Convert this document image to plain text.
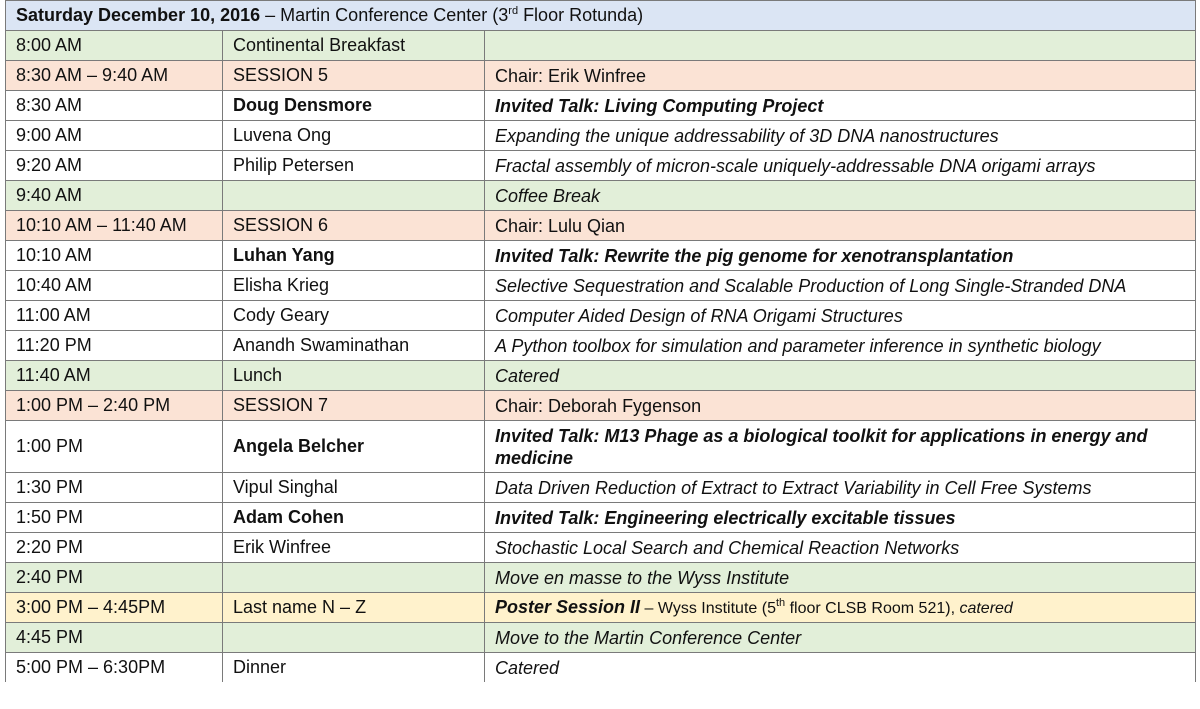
Saturday December 10, 2016 – Martin Conference Center (3rd Floor Rotunda)		
8:00 AM	Continental Breakfast	
8:30 AM – 9:40 AM	SESSION 5	Chair: Erik Winfree
8:30 AM	Doug Densmore	Invited Talk: Living Computing Project
9:00 AM	Luvena Ong	Expanding the unique addressability of 3D DNA nanostructures
9:20 AM	Philip Petersen	Fractal assembly of micron-scale uniquely-addressable DNA origami arrays
9:40 AM		Coffee Break
10:10 AM – 11:40 AM	SESSION 6	Chair: Lulu Qian
10:10 AM	Luhan Yang	Invited Talk: Rewrite the pig genome for xenotransplantation
10:40 AM	Elisha Krieg	Selective Sequestration and Scalable Production of Long Single-Stranded DNA
11:00 AM	Cody Geary	Computer Aided Design of RNA Origami Structures
11:20 PM	Anandh Swaminathan	A Python toolbox for simulation and parameter inference in synthetic biology
11:40 AM	Lunch	Catered
1:00 PM – 2:40 PM	SESSION 7	Chair: Deborah Fygenson
1:00 PM	Angela Belcher	Invited Talk: M13 Phage as a biological toolkit for applications in energy and medicine
1:30 PM	Vipul Singhal	Data Driven Reduction of Extract to Extract Variability in Cell Free Systems
1:50 PM	Adam Cohen	Invited Talk: Engineering electrically excitable tissues
2:20 PM	Erik Winfree	Stochastic Local Search and Chemical Reaction Networks
2:40 PM		Move en masse to the Wyss Institute
3:00 PM – 4:45PM	Last name N – Z	Poster Session II – Wyss Institute (5th floor CLSB Room 521), catered
4:45 PM		Move to the Martin Conference Center
5:00 PM – 6:30PM	Dinner	Catered
